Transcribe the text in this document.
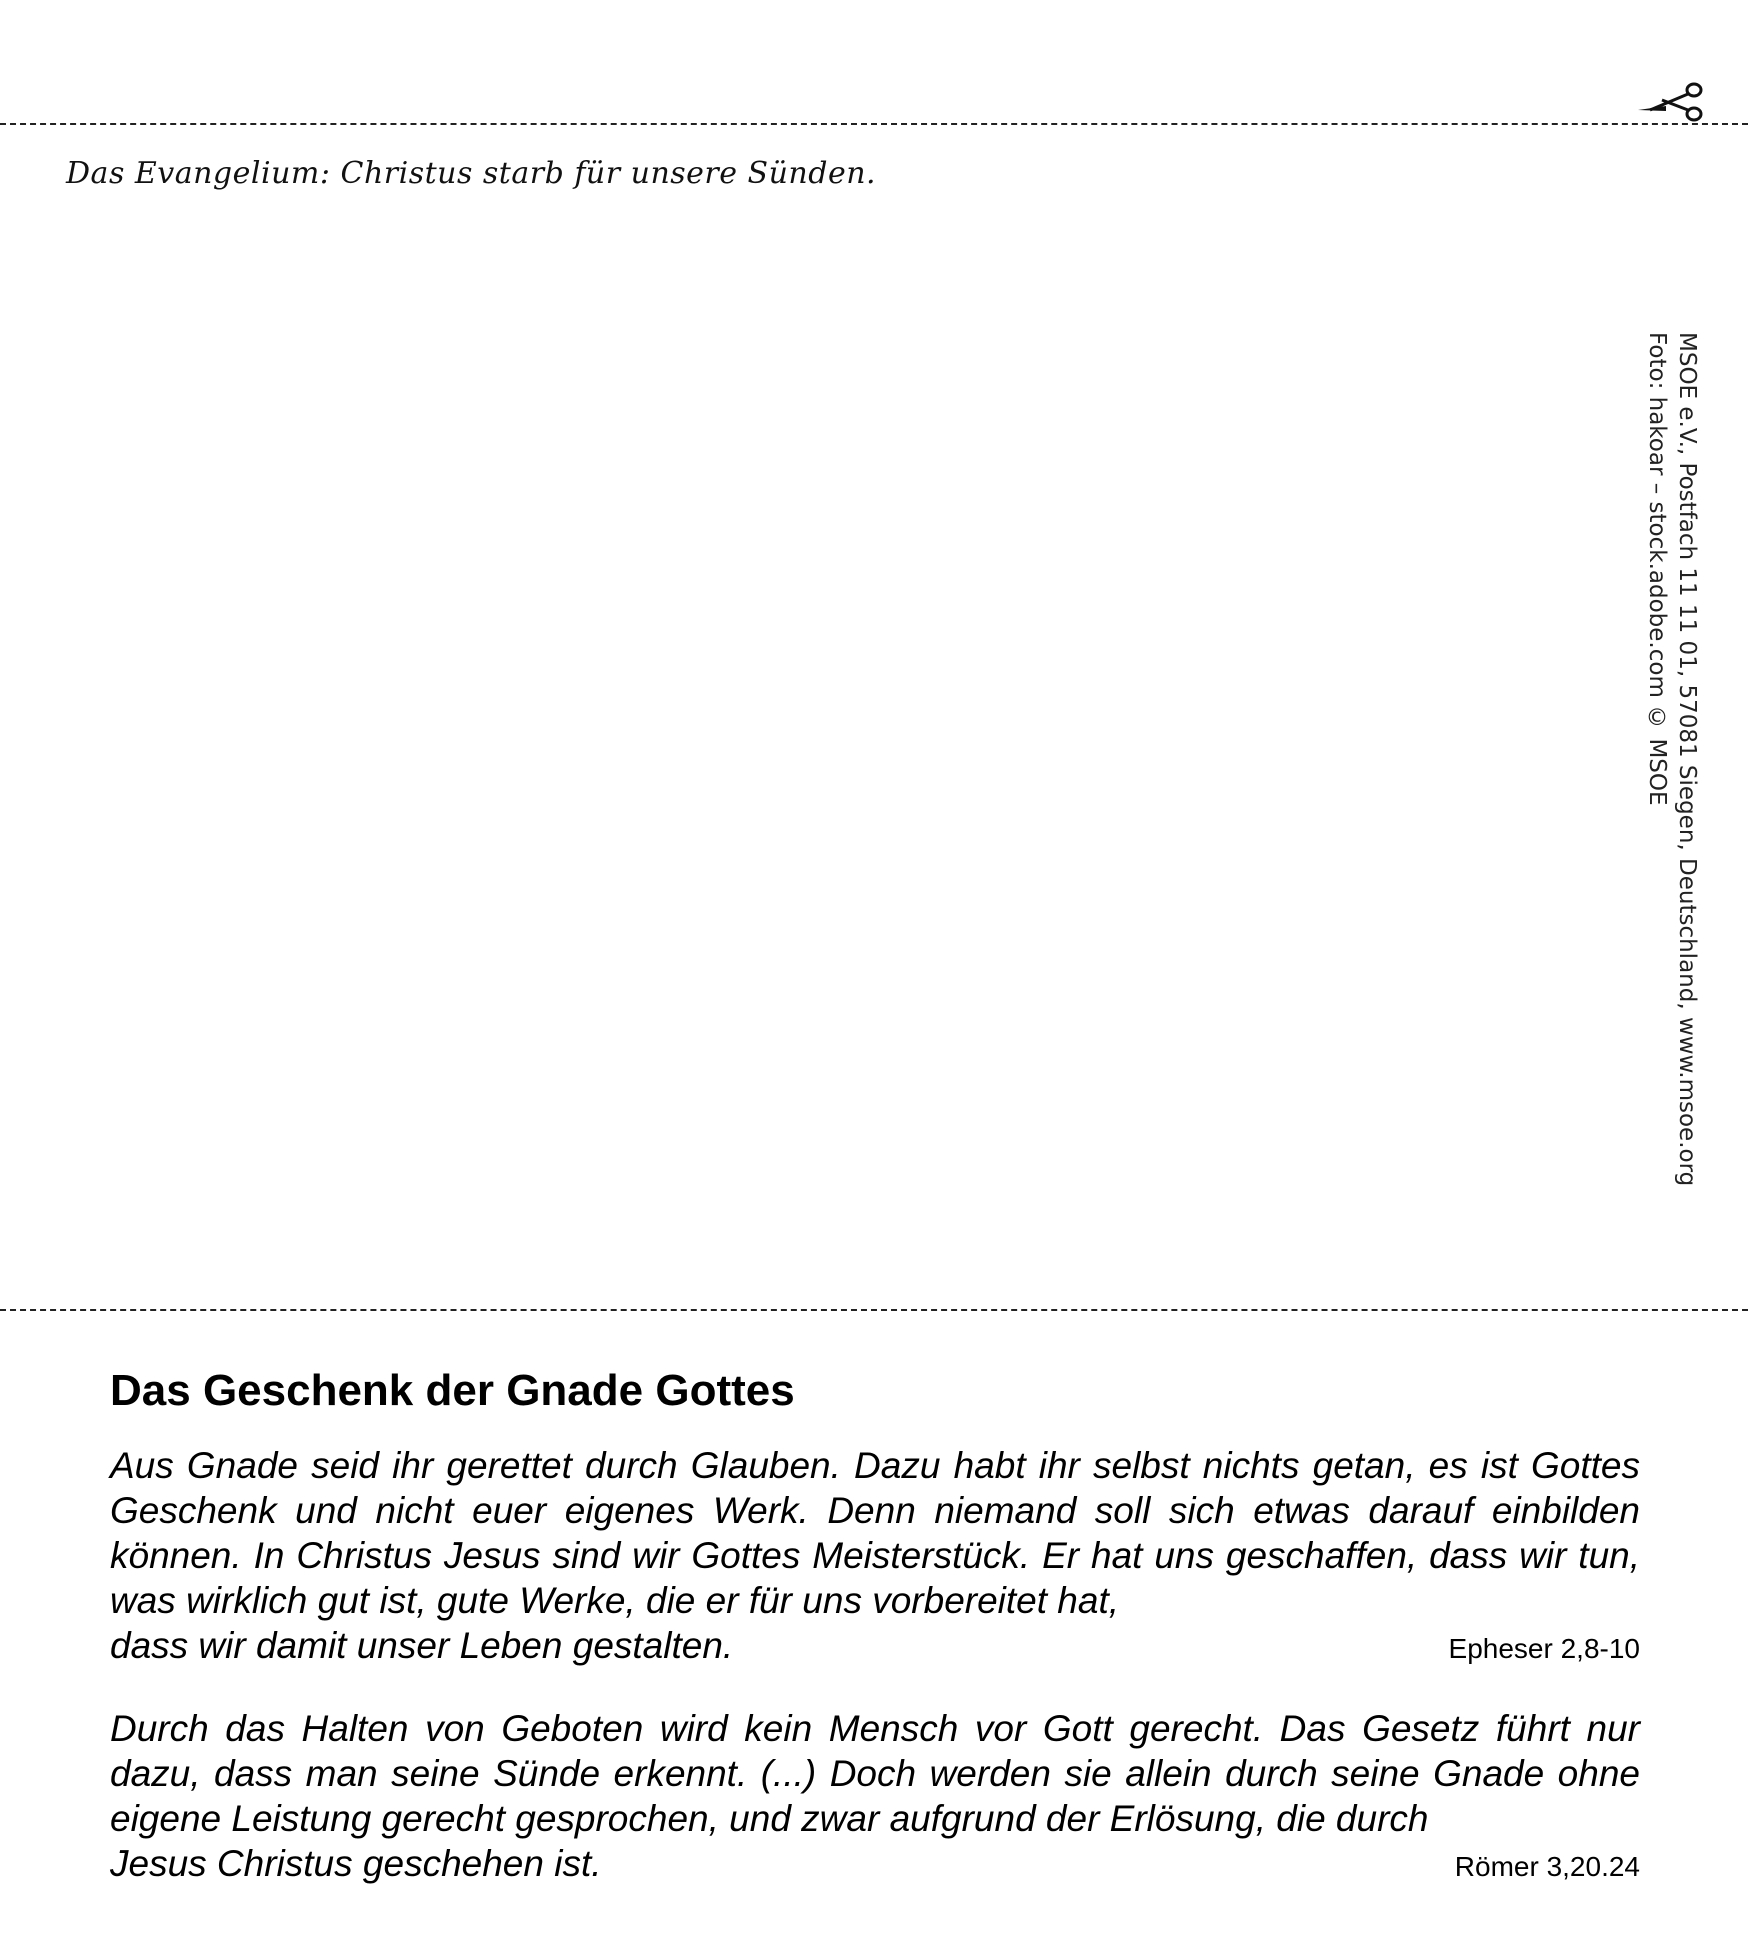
Das Evangelium: Christus starb für unsere Sünden.
MSOE e.V., Postfach 11 11 01, 57081 Siegen, Deutschland, www.msoe.org
Foto: hakoar – stock.adobe.com © MSOE
Das Geschenk der Gnade Gottes
Aus Gnade seid ihr gerettet durch Glauben. Dazu habt ihr selbst nichts getan, es ist Gottes Geschenk und nicht euer eigenes Werk. Denn niemand soll sich etwas darauf einbilden können. In Christus Jesus sind wir Gottes Meisterstück. Er hat uns geschaffen, dass wir tun, was wirklich gut ist, gute Werke, die er für uns vorbereitet hat,
dass wir damit unser Leben gestalten.	Epheser 2,8-10
Durch das Halten von Geboten wird kein Mensch vor Gott gerecht. Das Gesetz führt nur dazu, dass man seine Sünde erkennt. (...) Doch werden sie allein durch seine Gnade ohne eigene Leistung gerecht gesprochen, und zwar aufgrund der Erlösung, die durch
Jesus Christus geschehen ist.	Römer 3,20.24
